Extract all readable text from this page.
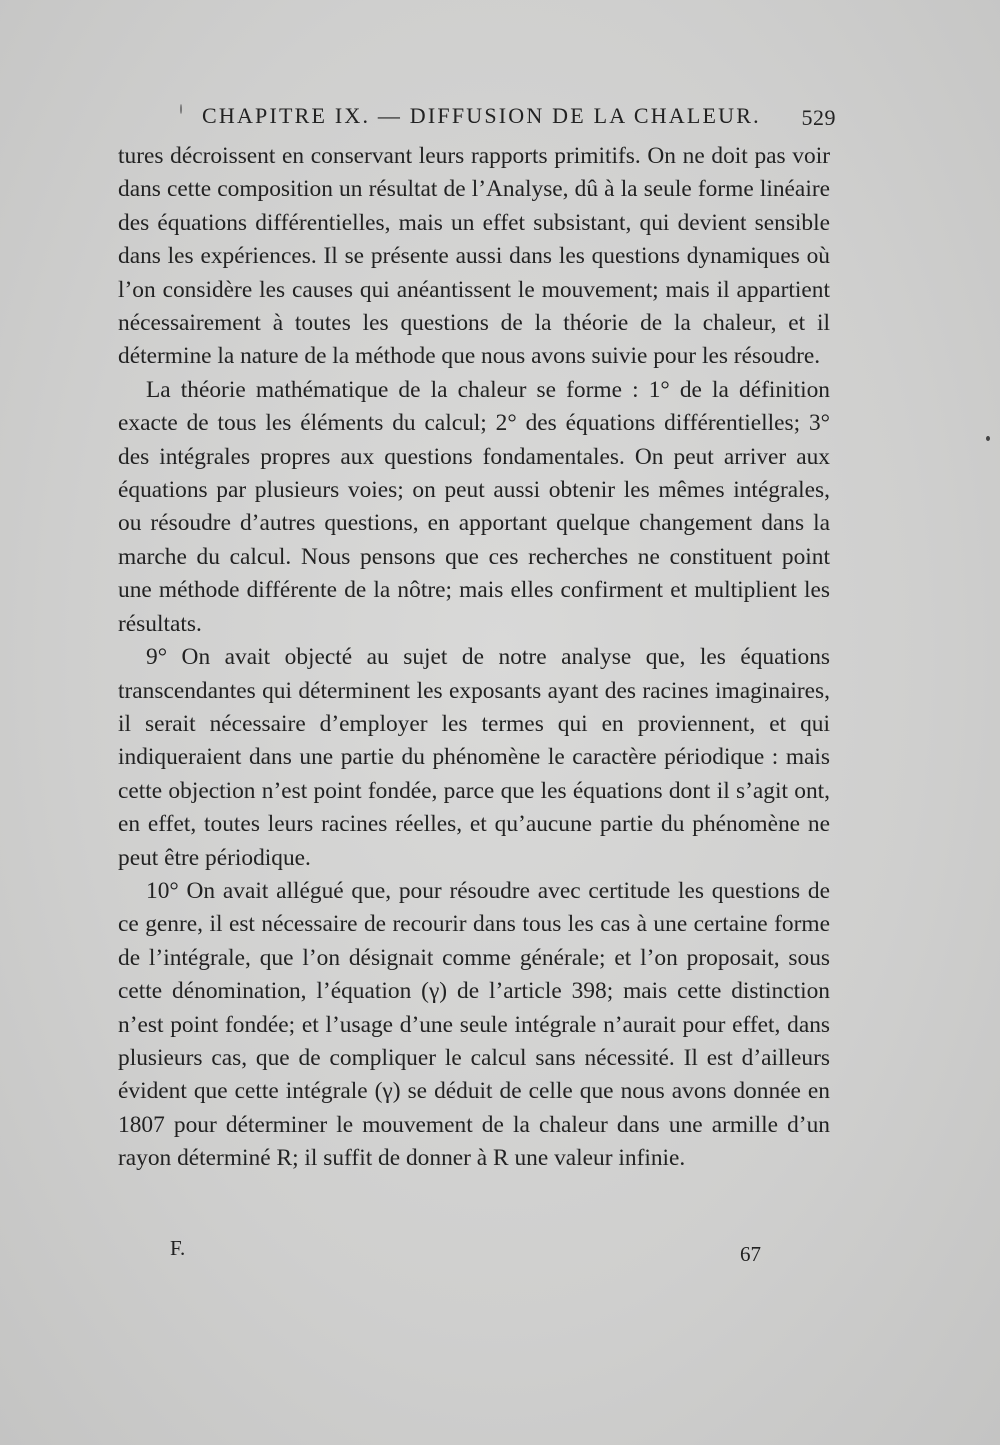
CHAPITRE IX. — DIFFUSION DE LA CHALEUR. 529

tures décroissent en conservant leurs rapports primitifs. On ne doit pas voir dans cette composition un résultat de l’Analyse, dû à la seule forme linéaire des équations différentielles, mais un effet subsistant, qui devient sensible dans les expériences. Il se présente aussi dans les questions dynamiques où l’on considère les causes qui anéantissent le mouvement; mais il appartient nécessairement à toutes les questions de la théorie de la chaleur, et il détermine la nature de la méthode que nous avons suivie pour les résoudre.

La théorie mathématique de la chaleur se forme : 1° de la définition exacte de tous les éléments du calcul; 2° des équations différentielles; 3° des intégrales propres aux questions fondamentales. On peut arriver aux équations par plusieurs voies; on peut aussi obtenir les mêmes intégrales, ou résoudre d’autres questions, en apportant quelque changement dans la marche du calcul. Nous pensons que ces recherches ne constituent point une méthode différente de la nôtre; mais elles confirment et multiplient les résultats.

9° On avait objecté au sujet de notre analyse que, les équations transcendantes qui déterminent les exposants ayant des racines imaginaires, il serait nécessaire d’employer les termes qui en proviennent, et qui indiqueraient dans une partie du phénomène le caractère périodique : mais cette objection n’est point fondée, parce que les équations dont il s’agit ont, en effet, toutes leurs racines réelles, et qu’aucune partie du phénomène ne peut être périodique.

10° On avait allégué que, pour résoudre avec certitude les questions de ce genre, il est nécessaire de recourir dans tous les cas à une certaine forme de l’intégrale, que l’on désignait comme générale; et l’on proposait, sous cette dénomination, l’équation (γ) de l’article 398; mais cette distinction n’est point fondée; et l’usage d’une seule intégrale n’aurait pour effet, dans plusieurs cas, que de compliquer le calcul sans nécessité. Il est d’ailleurs évident que cette intégrale (γ) se déduit de celle que nous avons donnée en 1807 pour déterminer le mouvement de la chaleur dans une armille d’un rayon déterminé R; il suffit de donner à R une valeur infinie.

F.	67
